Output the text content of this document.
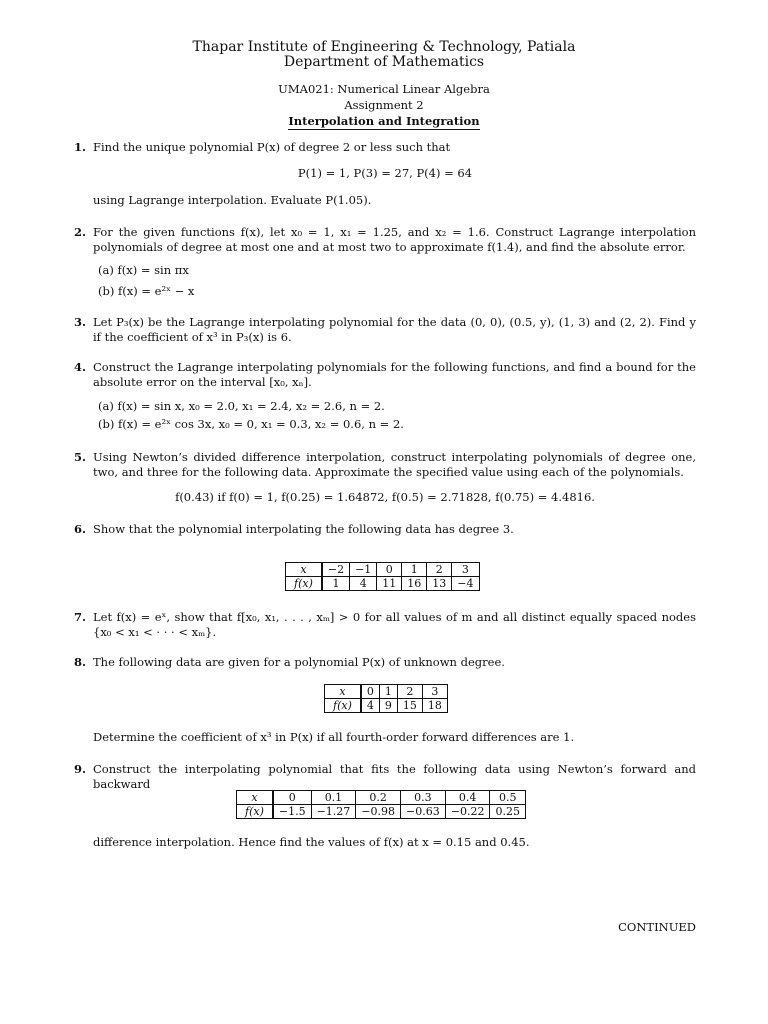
Thapar Institute of Engineering & Technology, Patiala
Department of Mathematics
UMA021: Numerical Linear Algebra
Assignment 2
Interpolation and Integration
1. Find the unique polynomial P(x) of degree 2 or less such that
P(1) = 1, P(3) = 27, P(4) = 64
using Lagrange interpolation. Evaluate P(1.05).
2. For the given functions f(x), let x₀ = 1, x₁ = 1.25, and x₂ = 1.6. Construct Lagrange interpolation polynomials of degree at most one and at most two to approximate f(1.4), and find the absolute error.
(a) f(x) = sin πx
(b) f(x) = e²ˣ − x
3. Let P₃(x) be the Lagrange interpolating polynomial for the data (0, 0), (0.5, y), (1, 3) and (2, 2). Find y if the coefficient of x³ in P₃(x) is 6.
4. Construct the Lagrange interpolating polynomials for the following functions, and find a bound for the absolute error on the interval [x₀, xₙ].
(a) f(x) = sin x, x₀ = 2.0, x₁ = 2.4, x₂ = 2.6, n = 2.
(b) f(x) = e²ˣ cos 3x, x₀ = 0, x₁ = 0.3, x₂ = 0.6, n = 2.
5. Using Newton’s divided difference interpolation, construct interpolating polynomials of degree one, two, and three for the following data. Approximate the specified value using each of the polynomials.
f(0.43) if f(0) = 1, f(0.25) = 1.64872, f(0.5) = 2.71828, f(0.75) = 4.4816.
6. Show that the polynomial interpolating the following data has degree 3.
x	−2	−1	0	1	2	3
f(x)	1	4	11	16	13	−4
7. Let f(x) = eˣ, show that f[x₀, x₁, . . . , xₘ] > 0 for all values of m and all distinct equally spaced nodes {x₀ < x₁ < · · · < xₘ}.
8. The following data are given for a polynomial P(x) of unknown degree.
x	0	1	2	3
f(x)	4	9	15	18
Determine the coefficient of x³ in P(x) if all fourth-order forward differences are 1.
9. Construct the interpolating polynomial that fits the following data using Newton’s forward and backward
x	0	0.1	0.2	0.3	0.4	0.5
f(x)	−1.5	−1.27	−0.98	−0.63	−0.22	0.25
difference interpolation. Hence find the values of f(x) at x = 0.15 and 0.45.
CONTINUED
